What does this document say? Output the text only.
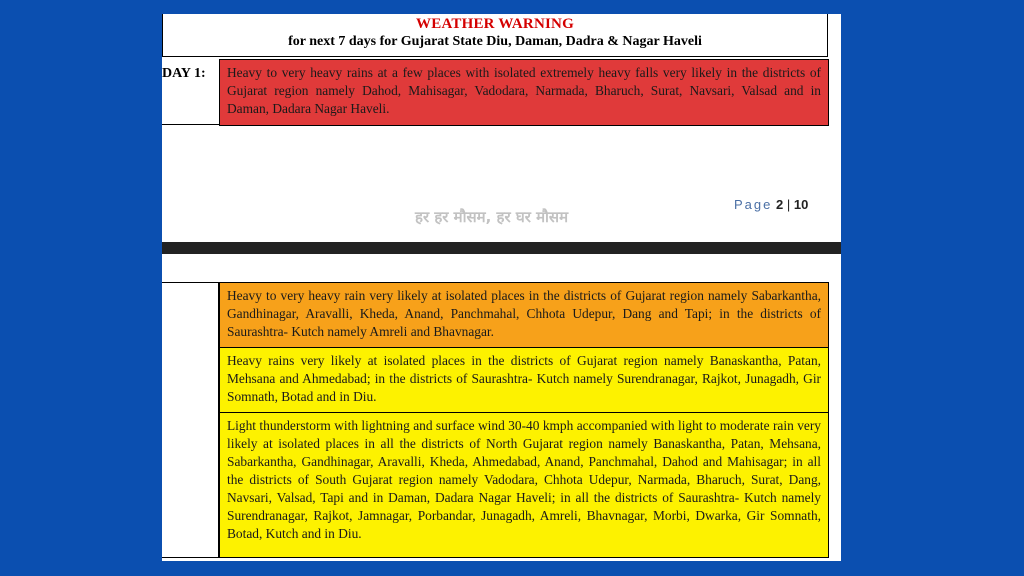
WEATHER WARNING
for next 7 days for Gujarat State Diu, Daman, Dadra & Nagar Haveli
DAY 1:	Heavy to very heavy rains at a few places with isolated extremely heavy falls very likely in the districts of Gujarat region namely Dahod, Mahisagar, Vadodara, Narmada, Bharuch, Surat, Navsari, Valsad and in Daman, Dadara Nagar Haveli.
हर हर मौसम, हर घर मौसम
Page 2 | 10
Heavy to very heavy rain very likely at isolated places in the districts of Gujarat region namely Sabarkantha, Gandhinagar, Aravalli, Kheda, Anand, Panchmahal, Chhota Udepur, Dang and Tapi; in the districts of Saurashtra- Kutch namely Amreli and Bhavnagar.
Heavy rains very likely at isolated places in the districts of Gujarat region namely Banaskantha, Patan, Mehsana and Ahmedabad; in the districts of Saurashtra- Kutch namely Surendranagar, Rajkot, Junagadh, Gir Somnath, Botad and in Diu.
Light thunderstorm with lightning and surface wind 30-40 kmph accompanied with light to moderate rain very likely at isolated places in all the districts of North Gujarat region namely Banaskantha, Patan, Mehsana, Sabarkantha, Gandhinagar, Aravalli, Kheda, Ahmedabad, Anand, Panchmahal, Dahod and Mahisagar; in all the districts of South Gujarat region namely Vadodara, Chhota Udepur, Narmada, Bharuch, Surat, Dang, Navsari, Valsad, Tapi and in Daman, Dadara Nagar Haveli; in all the districts of Saurashtra- Kutch namely Surendranagar, Rajkot, Jamnagar, Porbandar, Junagadh, Amreli, Bhavnagar, Morbi, Dwarka, Gir Somnath, Botad, Kutch and in Diu.
